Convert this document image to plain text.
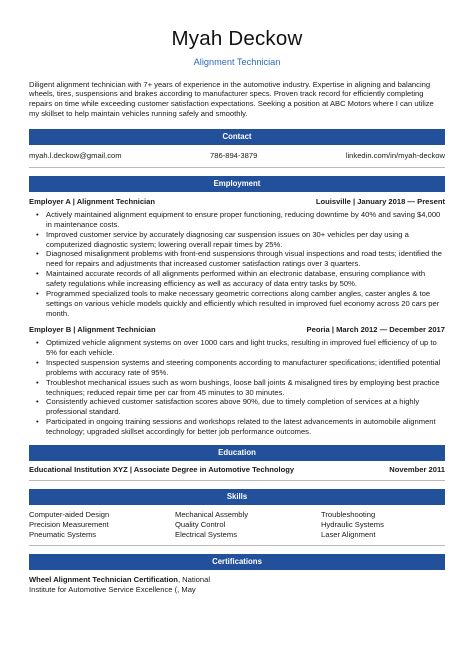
Myah Deckow
Alignment Technician

Diligent alignment technician with 7+ years of experience in the automotive industry. Expertise in aligning and balancing wheels, tires, suspensions and brakes according to manufacturer specs. Proven track record for efficiently completing repairs on time while exceeding customer satisfaction expectations. Seeking a position at ABC Motors where I can utilize my skillset to help maintain vehicles running safely and smoothly.

Contact
myah.l.deckow@gmail.com	786-894-3879	linkedin.com/in/myah-deckow
Employment
Employer A | Alignment Technician	Louisville | January 2018 — Present
• Actively maintained alignment equipment to ensure proper functioning, reducing downtime by 40% and saving $4,000 in maintenance costs.
• Improved customer service by accurately diagnosing car suspension issues on 30+ vehicles per day using a computerized diagnostic system; lowering overall repair times by 25%.
• Diagnosed misalignment problems with front-end suspensions through visual inspections and road tests; identified the need for repairs and adjustments that increased customer satisfaction ratings over 3 quarters.
• Maintained accurate records of all alignments performed within an electronic database, ensuring compliance with safety regulations while increasing efficiency as well as accuracy of data entry tasks by 50%.
• Programmed specialized tools to make necessary geometric corrections along camber angles, caster angles & toe settings on various vehicle models quickly and efficiently which resulted in improved fuel economy across 20 cars per month.
Employer B | Alignment Technician	Peoria | March 2012 — December 2017
• Optimized vehicle alignment systems on over 1000 cars and light trucks, resulting in improved fuel efficiency of up to 5% for each vehicle.
• Inspected suspension systems and steering components according to manufacturer specifications; identified potential problems with accuracy rate of 95%.
• Troubleshot mechanical issues such as worn bushings, loose ball joints & misaligned tires by employing best practice techniques; reduced repair time per car from 45 minutes to 30 minutes.
• Consistently achieved customer satisfaction scores above 90%, due to timely completion of services at a highly professional standard.
• Participated in ongoing training sessions and workshops related to the latest advancements in automobile alignment technology; upgraded skillset accordingly for better job performance outcomes.
Education
Educational Institution XYZ | Associate Degree in Automotive Technology	November 2011
Skills
Computer-aided Design	Mechanical Assembly	Troubleshooting
Precision Measurement	Quality Control	Hydraulic Systems
Pneumatic Systems	Electrical Systems	Laser Alignment
Certifications
Wheel Alignment Technician Certification, National
Institute for Automotive Service Excellence (, May
